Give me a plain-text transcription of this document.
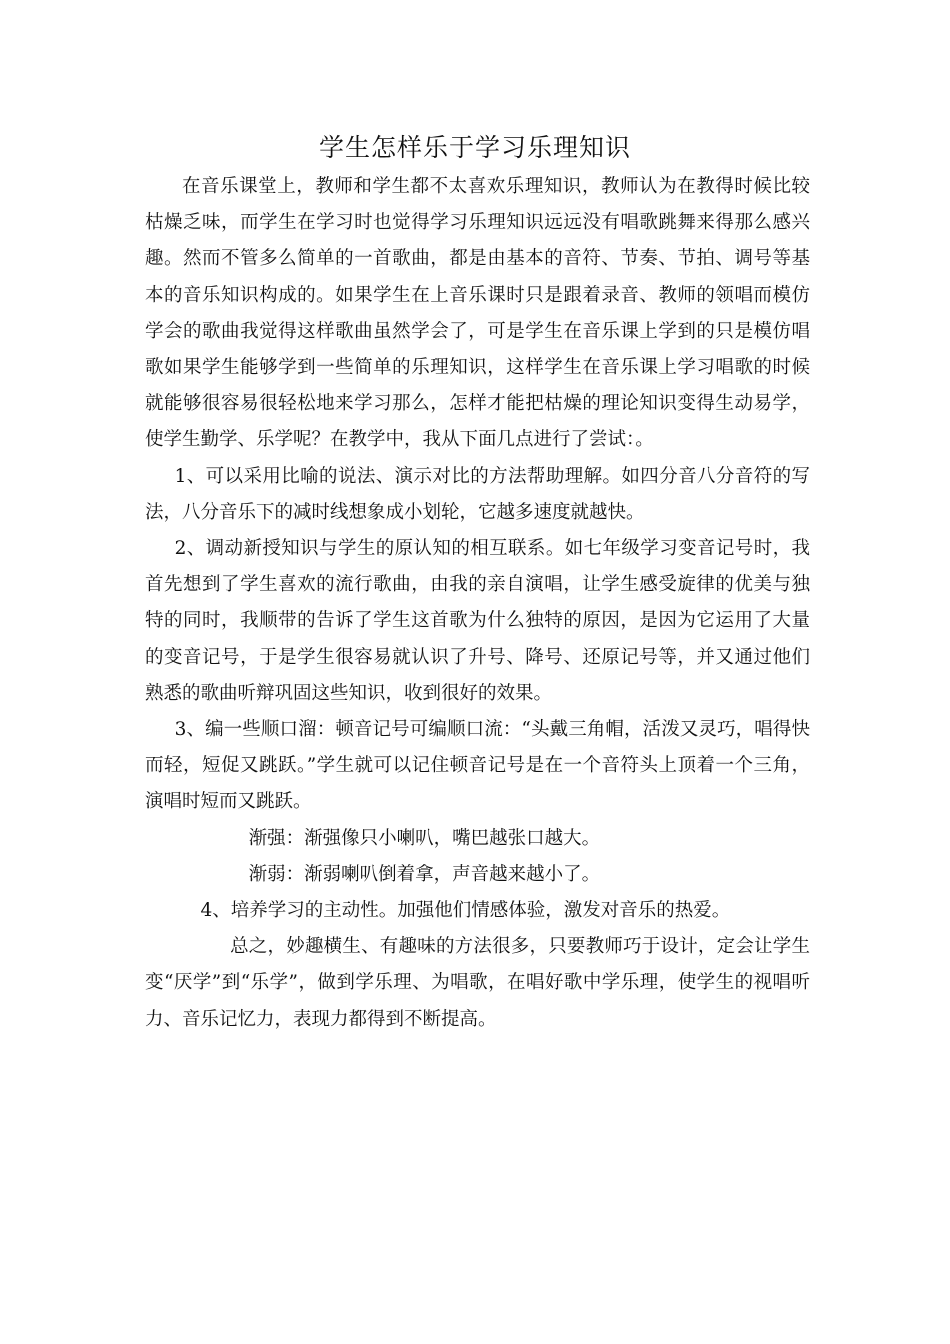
学生怎样乐于学习乐理知识

在音乐课堂上，教师和学生都不太喜欢乐理知识，教师认为在教得时候比较枯燥乏味，而学生在学习时也觉得学习乐理知识远远没有唱歌跳舞来得那么感兴趣。然而不管多么简单的一首歌曲，都是由基本的音符、节奏、节拍、调号等基本的音乐知识构成的。如果学生在上音乐课时只是跟着录音、教师的领唱而模仿学会的歌曲我觉得这样歌曲虽然学会了，可是学生在音乐课上学到的只是模仿唱歌如果学生能够学到一些简单的乐理知识，这样学生在音乐课上学习唱歌的时候就能够很容易很轻松地来学习那么，怎样才能把枯燥的理论知识变得生动易学，使学生勤学、乐学呢？在教学中，我从下面几点进行了尝试：。

1、可以采用比喻的说法、演示对比的方法帮助理解。如四分音八分音符的写法，八分音乐下的减时线想象成小划轮，它越多速度就越快。

2、调动新授知识与学生的原认知的相互联系。如七年级学习变音记号时，我首先想到了学生喜欢的流行歌曲，由我的亲自演唱，让学生感受旋律的优美与独特的同时，我顺带的告诉了学生这首歌为什么独特的原因，是因为它运用了大量的变音记号，于是学生很容易就认识了升号、降号、还原记号等，并又通过他们熟悉的歌曲听辩巩固这些知识，收到很好的效果。

3、编一些顺口溜：顿音记号可编顺口流：“头戴三角帽，活泼又灵巧，唱得快而轻，短促又跳跃。”学生就可以记住顿音记号是在一个音符头上顶着一个三角，演唱时短而又跳跃。

渐强：渐强像只小喇叭，嘴巴越张口越大。

渐弱：渐弱喇叭倒着拿，声音越来越小了。

4、培养学习的主动性。加强他们情感体验，激发对音乐的热爱。

总之，妙趣横生、有趣味的方法很多，只要教师巧于设计，定会让学生变“厌学”到“乐学”，做到学乐理、为唱歌，在唱好歌中学乐理，使学生的视唱听力、音乐记忆力，表现力都得到不断提高。
